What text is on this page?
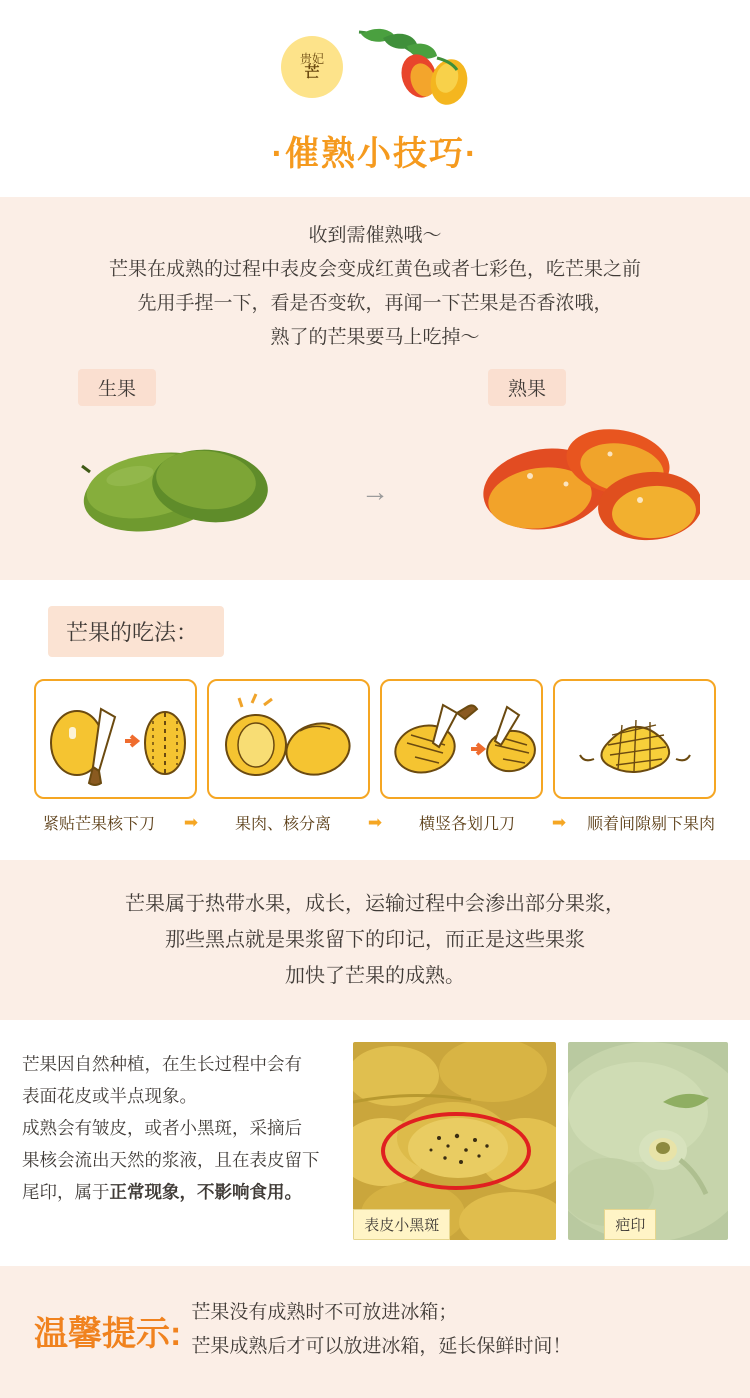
贵妃
芒
·催熟小技巧·
收到需催熟哦～
芒果在成熟的过程中表皮会变成红黄色或者七彩色，吃芒果之前
先用手捏一下，看是否变软，再闻一下芒果是否香浓哦，
熟了的芒果要马上吃掉～
生果
→
熟果
芒果的吃法：
紧贴芒果核下刀	➡	果肉、核分离	➡	横竖各划几刀	➡	顺着间隙剔下果肉
芒果属于热带水果，成长，运输过程中会渗出部分果浆，
那些黑点就是果浆留下的印记，而正是这些果浆
加快了芒果的成熟。
芒果因自然种植，在生长过程中会有
表面花皮或半点现象。
成熟会有皱皮，或者小黑斑，采摘后
果核会流出天然的浆液，且在表皮留下
尾印，属于正常现象，不影响食用。
表皮小黑斑	疤印
温馨提示:
芒果没有成熟时不可放进冰箱；
芒果成熟后才可以放进冰箱，延长保鲜时间！
